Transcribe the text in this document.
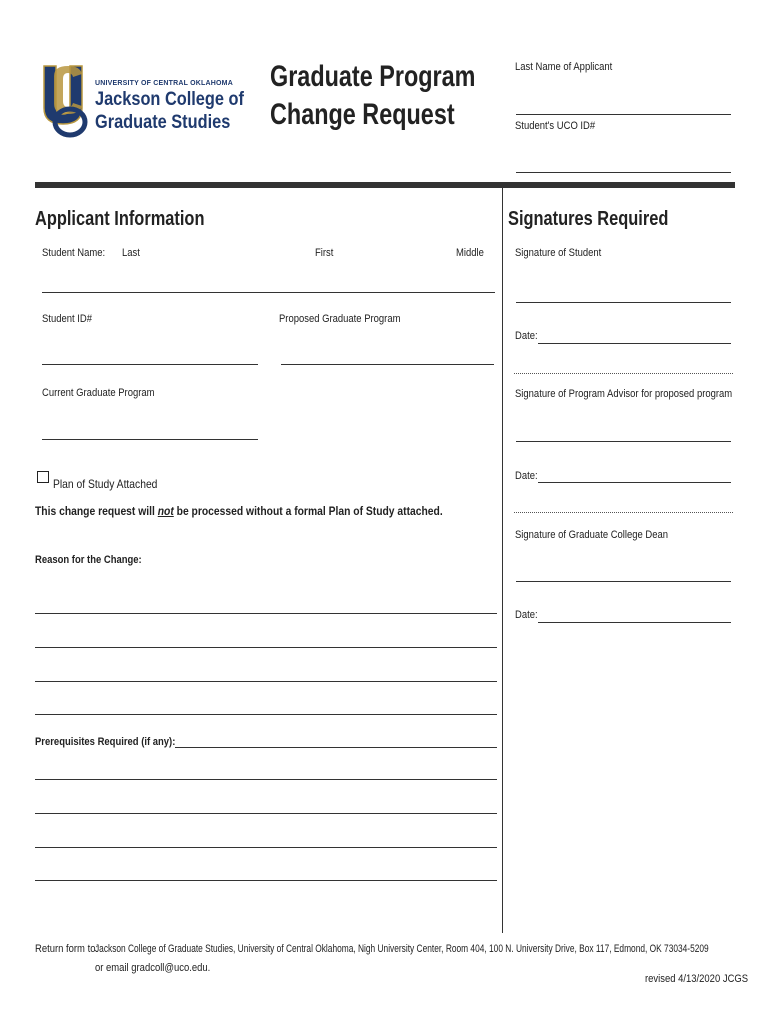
UNIVERSITY OF CENTRAL OKLAHOMA
Jackson College of
Graduate Studies
Graduate Program
Change Request
Last Name of Applicant
Student's UCO ID#
Applicant Information
Student Name: Last	First	Middle
Student ID#	Proposed Graduate Program
Current Graduate Program
Plan of Study Attached
This change request will not be processed without a formal Plan of Study attached.
Reason for the Change:
Prerequisites Required (if any):
Signatures Required
Signature of Student
Date:
Signature of Program Advisor for proposed program
Date:
Signature of Graduate College Dean
Date:
Return form to:
Jackson College of Graduate Studies, University of Central Oklahoma, Nigh University Center, Room 404, 100 N. University Drive, Box 117, Edmond, OK 73034-5209
or email gradcoll@uco.edu.
revised 4/13/2020 JCGS
